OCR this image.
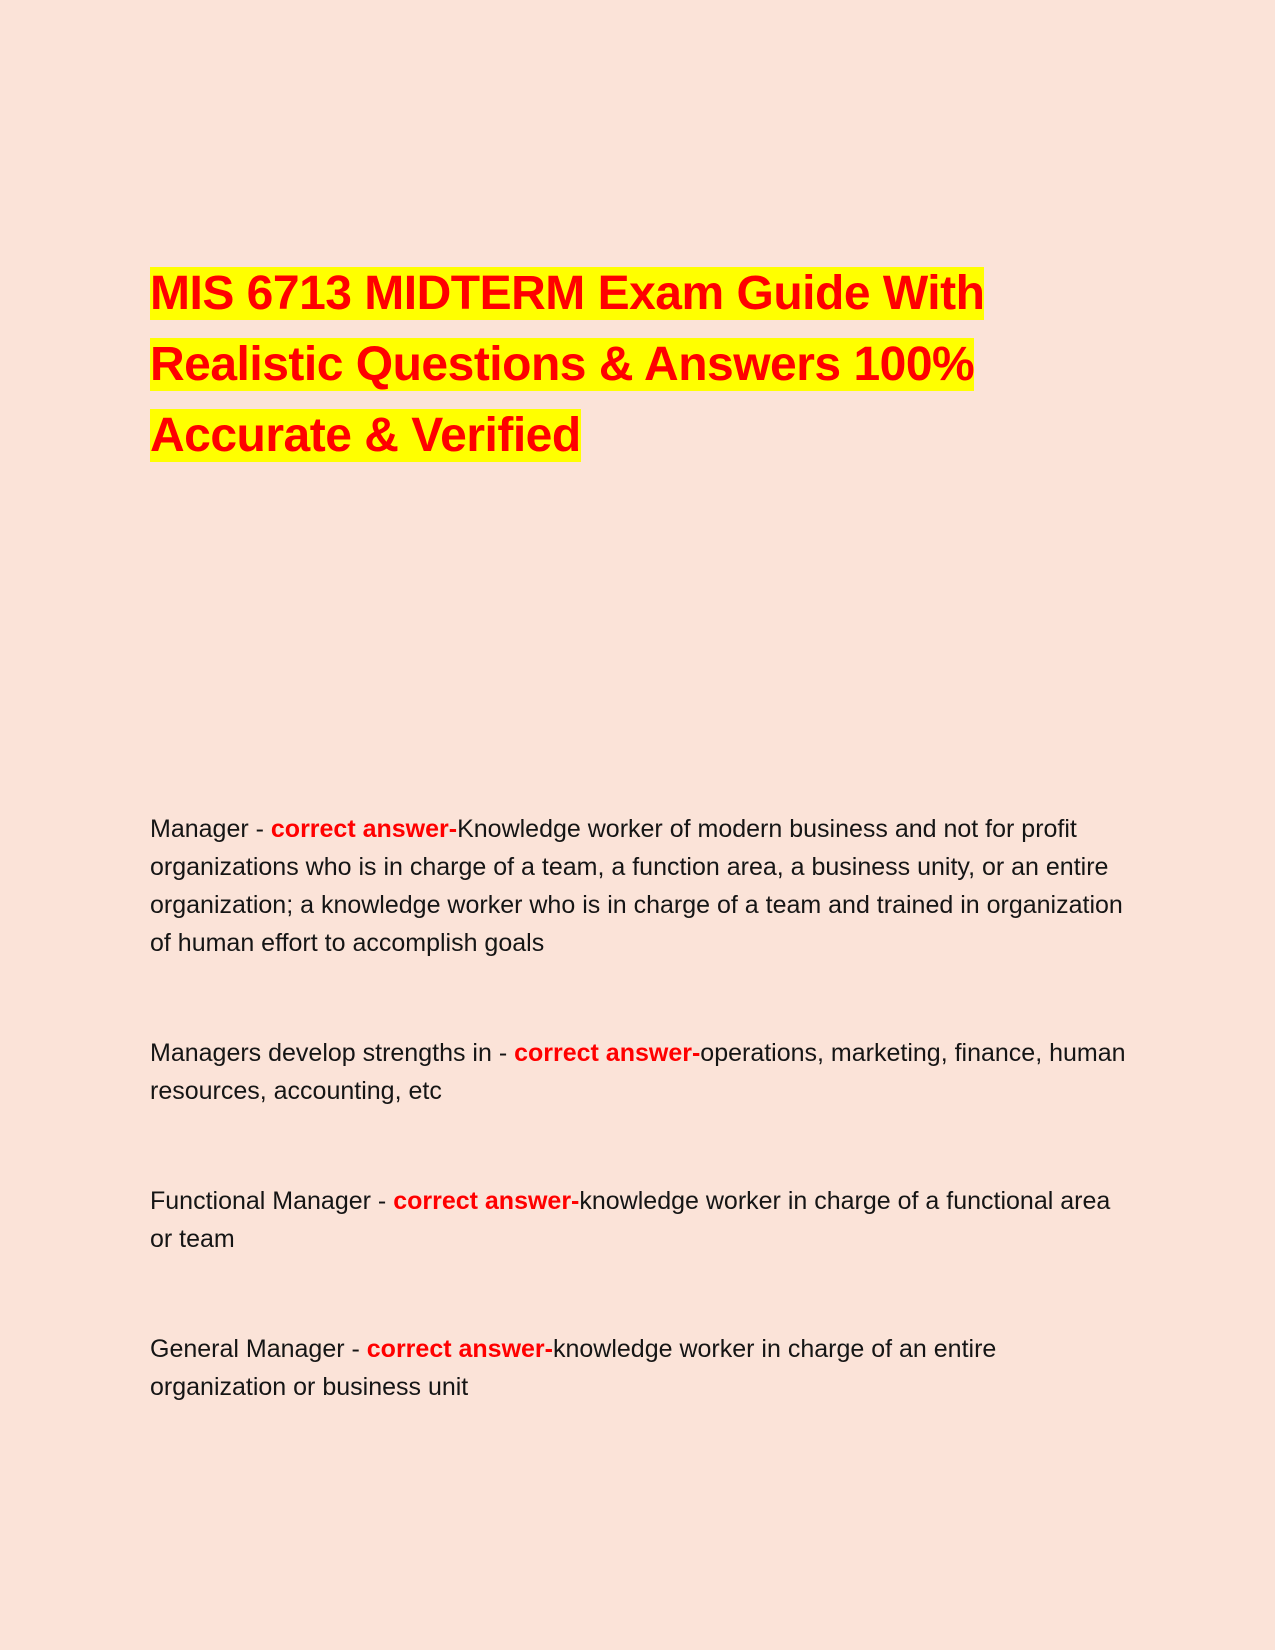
MIS 6713 MIDTERM Exam Guide With
Realistic Questions & Answers 100%
Accurate & Verified

Manager - correct answer-Knowledge worker of modern business and not for profit organizations who is in charge of a team, a function area, a business unity, or an entire organization; a knowledge worker who is in charge of a team and trained in organization of human effort to accomplish goals

Managers develop strengths in - correct answer-operations, marketing, finance, human resources, accounting, etc

Functional Manager - correct answer-knowledge worker in charge of a functional area or team

General Manager - correct answer-knowledge worker in charge of an entire organization or business unit
